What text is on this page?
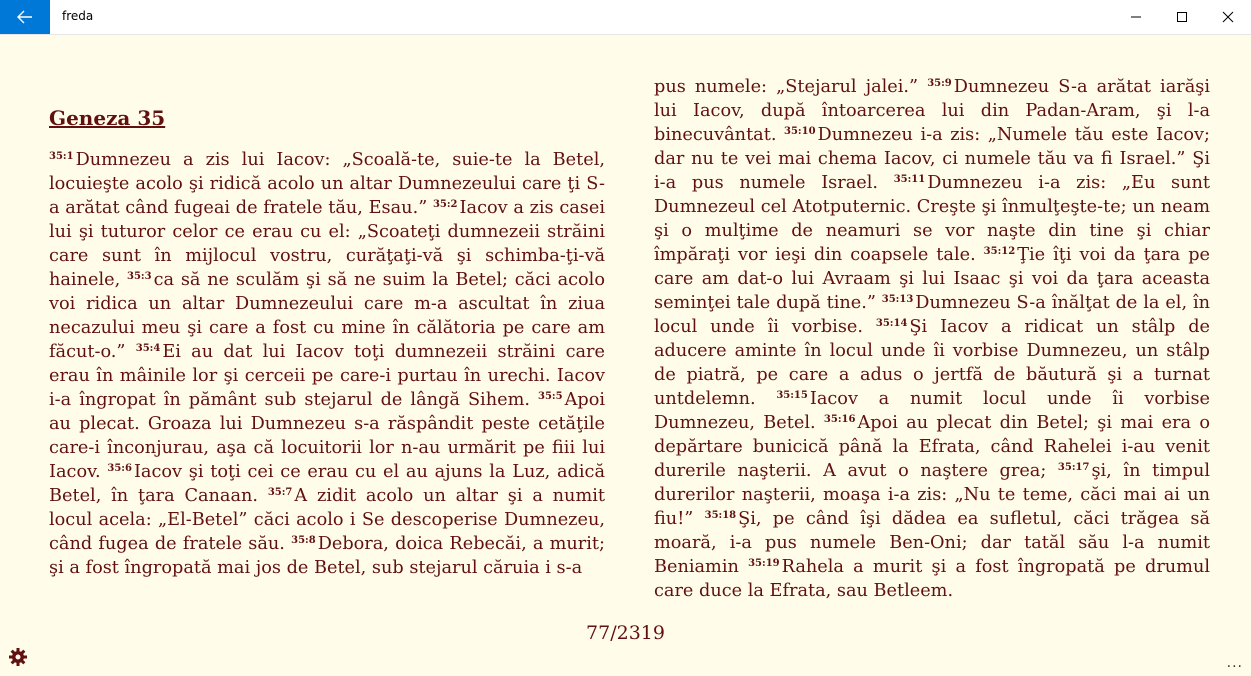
freda
Geneza 35

$^{35:1}$ Dumnezeu a zis lui Iacov: „Scoală-te, suie-te la Betel, locuieşte acolo şi ridică acolo un altar Dumnezeului care ţi S-a arătat când fugeai de fratele tău, Esau.” $^{35:2}$ Iacov a zis casei lui şi tuturor celor ce erau cu el: „Scoateţi dumnezeii străini care sunt în mijlocul vostru, curăţaţi-vă şi schimba-ţi-vă hainele, $^{35:3}$ ca să ne sculăm şi să ne suim la Betel; căci acolo voi ridica un altar Dumnezeului care m-a ascultat în ziua necazului meu şi care a fost cu mine în călătoria pe care am făcut-o.” $^{35:4}$ Ei au dat lui Iacov toţi dumnezeii străini care erau în mâinile lor şi cerceii pe care-i purtau în urechi. Iacov i-a îngropat în pământ sub stejarul de lângă Sihem. $^{35:5}$ Apoi au plecat. Groaza lui Dumnezeu s-a răspândit peste cetăţile care-i înconjurau, aşa că locuitorii lor n-au urmărit pe fiii lui Iacov. $^{35:6}$ Iacov şi toţi cei ce erau cu el au ajuns la Luz, adică Betel, în ţara Canaan. $^{35:7}$ A zidit acolo un altar şi a numit locul acela: „El-Betel” căci acolo i Se descoperise Dumnezeu, când fugea de fratele său. $^{35:8}$ Debora, doica Rebecăi, a murit; şi a fost îngropată mai jos de Betel, sub stejarul căruia i s-a

pus numele: „Stejarul jalei.” $^{35:9}$ Dumnezeu S-a arătat iarăşi lui Iacov, după întoarcerea lui din Padan-Aram, şi l-a binecuvântat. $^{35:10}$ Dumnezeu i-a zis: „Numele tău este Iacov; dar nu te vei mai chema Iacov, ci numele tău va fi Israel.” Şi i-a pus numele Israel. $^{35:11}$ Dumnezeu i-a zis: „Eu sunt Dumnezeul cel Atotputernic. Creşte şi înmulţeşte-te; un neam şi o mulţime de neamuri se vor naşte din tine şi chiar împăraţi vor ieşi din coapsele tale. $^{35:12}$ Ţie îţi voi da ţara pe care am dat-o lui Avraam şi lui Isaac şi voi da ţara aceasta seminţei tale după tine.” $^{35:13}$ Dumnezeu S-a înălţat de la el, în locul unde îi vorbise. $^{35:14}$ Şi Iacov a ridicat un stâlp de aducere aminte în locul unde îi vorbise Dumnezeu, un stâlp de piatră, pe care a adus o jertfă de băutură şi a turnat untdelemn. $^{35:15}$ Iacov a numit locul unde îi vorbise Dumnezeu, Betel. $^{35:16}$ Apoi au plecat din Betel; şi mai era o depărtare bunicică până la Efrata, când Rahelei i-au venit durerile naşterii. A avut o naştere grea; $^{35:17}$ şi, în timpul durerilor naşterii, moaşa i-a zis: „Nu te teme, căci mai ai un fiu!” $^{35:18}$ Şi, pe când îşi dădea ea sufletul, căci trăgea să moară, i-a pus numele Ben-Oni; dar tatăl său l-a numit Beniamin $^{35:19}$ Rahela a murit şi a fost îngropată pe drumul care duce la Efrata, sau Betleem.

77/2319
...
